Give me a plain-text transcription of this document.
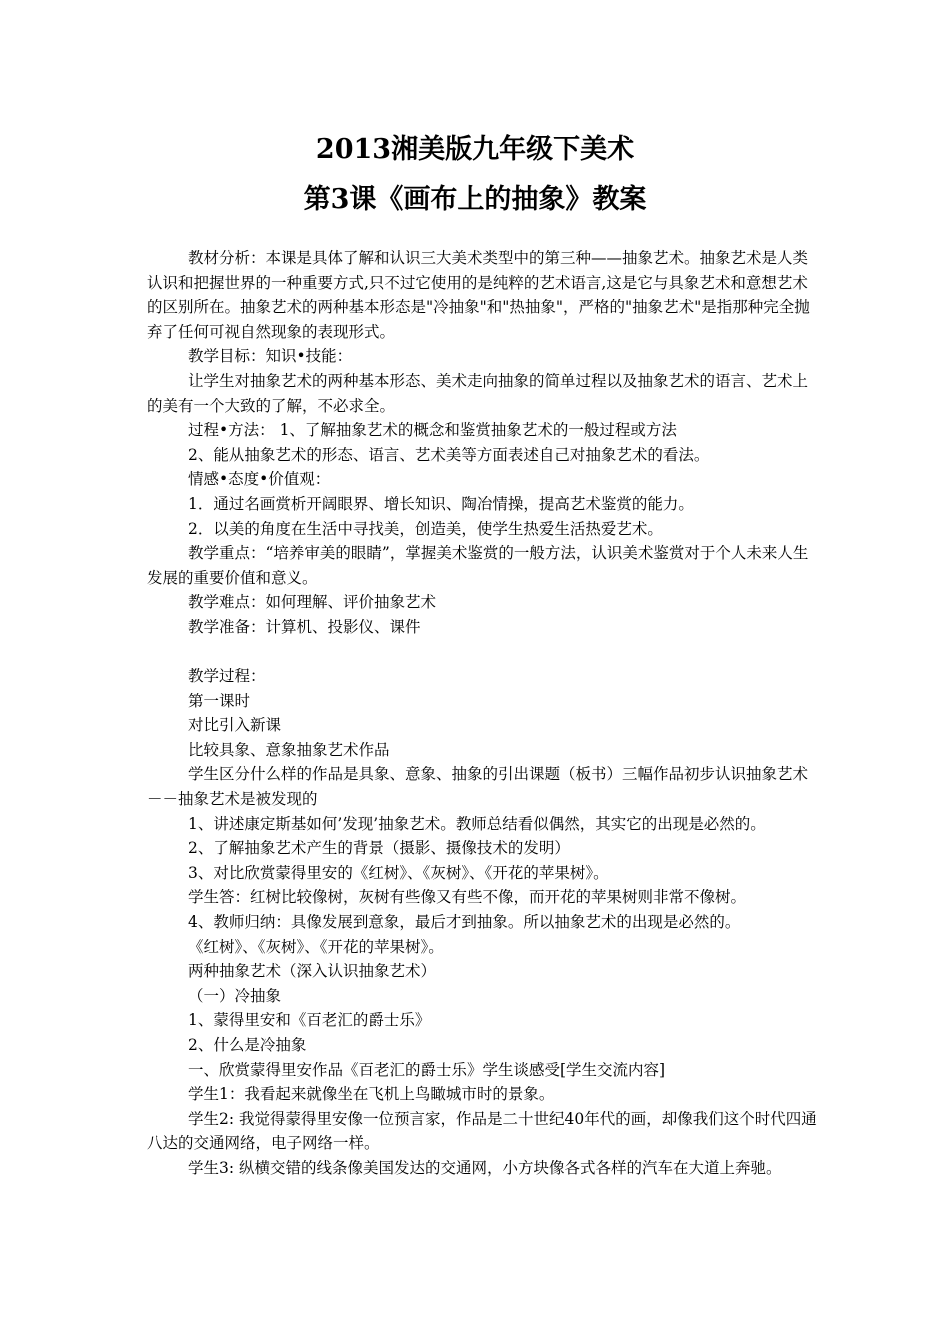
2013湘美版九年级下美术
第3课《画布上的抽象》教案

教材分析：本课是具体了解和认识三大美术类型中的第三种——抽象艺术。抽象艺术是人类认识和把握世界的一种重要方式,只不过它使用的是纯粹的艺术语言,这是它与具象艺术和意想艺术的区别所在。抽象艺术的两种基本形态是"冷抽象"和"热抽象"，严格的"抽象艺术"是指那种完全抛弃了任何可视自然现象的表现形式。

教学目标：知识•技能：

让学生对抽象艺术的两种基本形态、美术走向抽象的简单过程以及抽象艺术的语言、艺术上的美有一个大致的了解，不必求全。

过程•方法： 1、了解抽象艺术的概念和鉴赏抽象艺术的一般过程或方法

2、能从抽象艺术的形态、语言、艺术美等方面表述自己对抽象艺术的看法。

情感•态度•价值观：

1．通过名画赏析开阔眼界、增长知识、陶冶情操，提高艺术鉴赏的能力。

2．以美的角度在生活中寻找美，创造美，使学生热爱生活热爱艺术。

教学重点：“培养审美的眼睛”，掌握美术鉴赏的一般方法，认识美术鉴赏对于个人未来人生发展的重要价值和意义。

教学难点：如何理解、评价抽象艺术

教学准备：计算机、投影仪、课件

教学过程：

第一课时

对比引入新课

比较具象、意象抽象艺术作品

学生区分什么样的作品是具象、意象、抽象的引出课题（板书）三幅作品初步认识抽象艺术－－抽象艺术是被发现的

1、讲述康定斯基如何’发现’抽象艺术。教师总结看似偶然，其实它的出现是必然的。

2、了解抽象艺术产生的背景（摄影、摄像技术的发明）

3、对比欣赏蒙得里安的《红树》、《灰树》、《开花的苹果树》。

学生答：红树比较像树，灰树有些像又有些不像，而开花的苹果树则非常不像树。

4、教师归纳：具像发展到意象，最后才到抽象。所以抽象艺术的出现是必然的。

《红树》、《灰树》、《开花的苹果树》。

两种抽象艺术（深入认识抽象艺术）

（一）冷抽象

1、蒙得里安和《百老汇的爵士乐》

2、什么是冷抽象

一、欣赏蒙得里安作品《百老汇的爵士乐》学生谈感受[学生交流内容]

学生1：我看起来就像坐在飞机上鸟瞰城市时的景象。

学生2: 我觉得蒙得里安像一位预言家，作品是二十世纪40年代的画，却像我们这个时代四通八达的交通网络，电子网络一样。

学生3: 纵横交错的线条像美国发达的交通网，小方块像各式各样的汽车在大道上奔驰。
